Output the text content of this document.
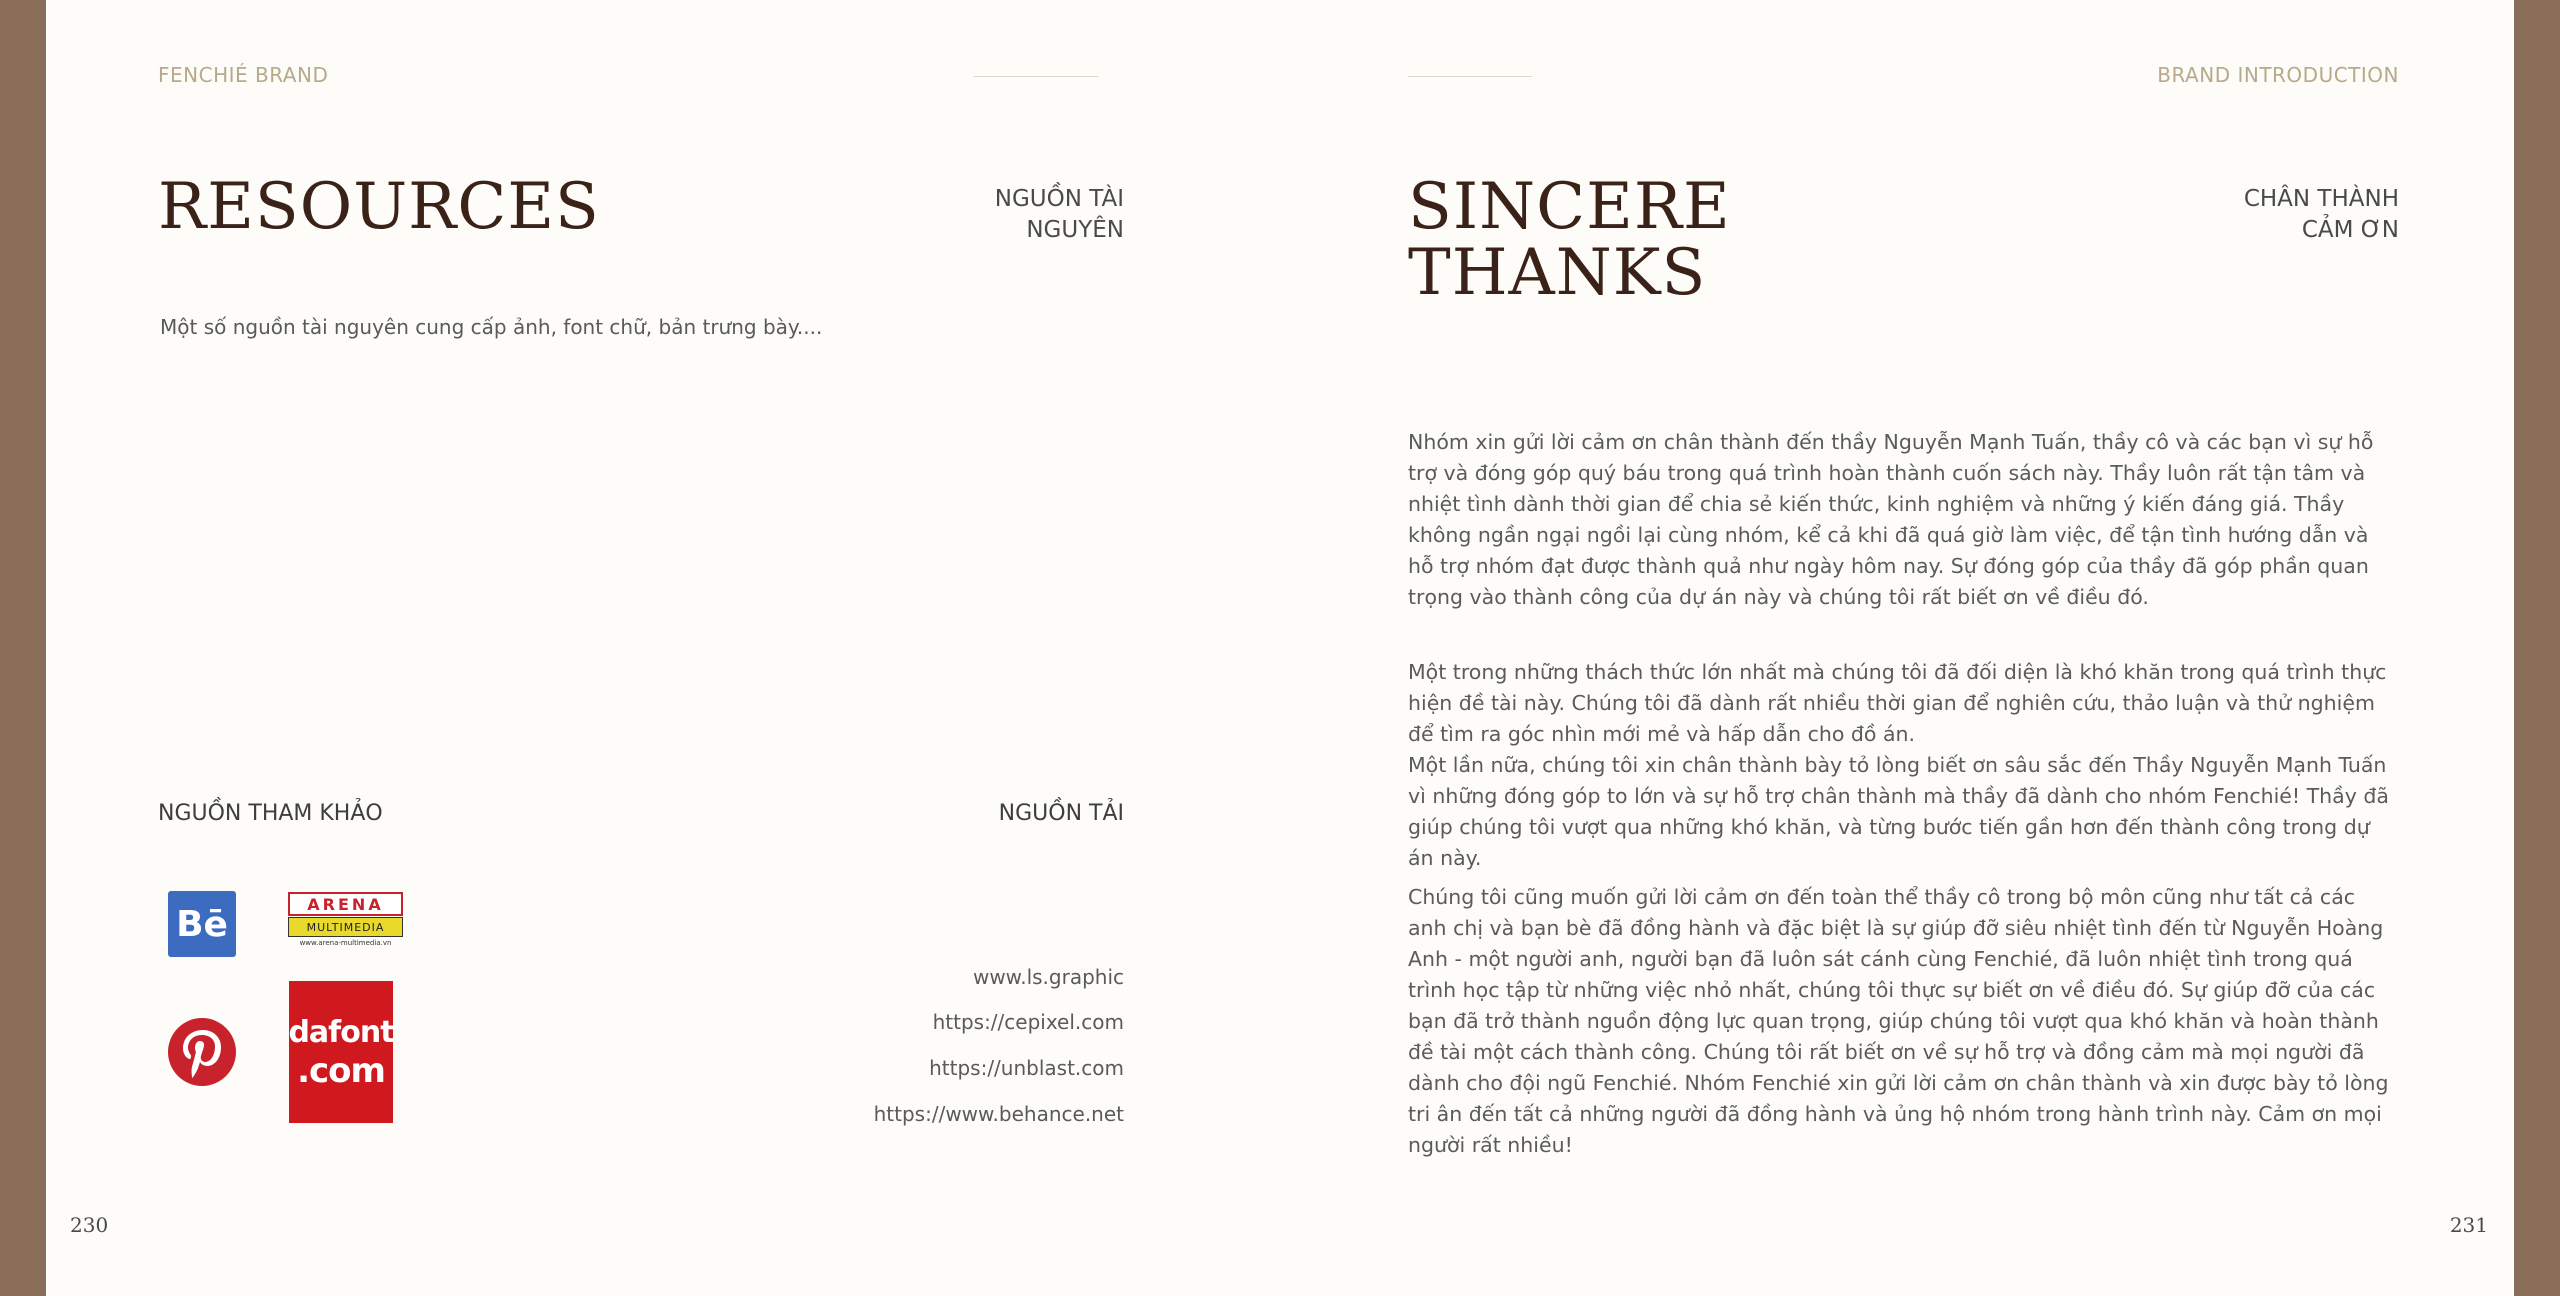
FENCHIÉ BRAND
RESOURCES	NGUỒN TÀI
NGUYÊN
Một số nguồn tài nguyên cung cấp ảnh, font chữ, bản trưng bày....
NGUỒN THAM KHẢO	NGUỒN TẢI
Bē	ARENA
MULTIMEDIA
www.arena-multimedia.vn
dafont
.com
www.ls.graphic
https://cepixel.com
https://unblast.com
https://www.behance.net
230
BRAND INTRODUCTION
SINCERE
THANKS
CHÂN THÀNH
CẢM ƠN

Nhóm xin gửi lời cảm ơn chân thành đến thầy Nguyễn Mạnh Tuấn, thầy cô và các bạn vì sự hỗ trợ và đóng góp quý báu trong quá trình hoàn thành cuốn sách này. Thầy luôn rất tận tâm và nhiệt tình dành thời gian để chia sẻ kiến thức, kinh nghiệm và những ý kiến đáng giá. Thầy không ngần ngại ngồi lại cùng nhóm, kể cả khi đã quá giờ làm việc, để tận tình hướng dẫn và hỗ trợ nhóm đạt được thành quả như ngày hôm nay. Sự đóng góp của thầy đã góp phần quan trọng vào thành công của dự án này và chúng tôi rất biết ơn về điều đó.

Một trong những thách thức lớn nhất mà chúng tôi đã đối diện là khó khăn trong quá trình thực hiện đề tài này. Chúng tôi đã dành rất nhiều thời gian để nghiên cứu, thảo luận và thử nghiệm để tìm ra góc nhìn mới mẻ và hấp dẫn cho đồ án.

Một lần nữa, chúng tôi xin chân thành bày tỏ lòng biết ơn sâu sắc đến Thầy Nguyễn Mạnh Tuấn vì những đóng góp to lớn và sự hỗ trợ chân thành mà thầy đã dành cho nhóm Fenchié! Thầy đã giúp chúng tôi vượt qua những khó khăn, và từng bước tiến gần hơn đến thành công trong dự án này.

Chúng tôi cũng muốn gửi lời cảm ơn đến toàn thể thầy cô trong bộ môn cũng như tất cả các anh chị và bạn bè đã đồng hành và đặc biệt là sự giúp đỡ siêu nhiệt tình đến từ Nguyễn Hoàng Anh - một người anh, người bạn đã luôn sát cánh cùng Fenchié, đã luôn nhiệt tình trong quá trình học tập từ những việc nhỏ nhất, chúng tôi thực sự biết ơn về điều đó. Sự giúp đỡ của các bạn đã trở thành nguồn động lực quan trọng, giúp chúng tôi vượt qua khó khăn và hoàn thành đề tài một cách thành công. Chúng tôi rất biết ơn về sự hỗ trợ và đồng cảm mà mọi người đã dành cho đội ngũ Fenchié. Nhóm Fenchié xin gửi lời cảm ơn chân thành và xin được bày tỏ lòng tri ân đến tất cả những người đã đồng hành và ủng hộ nhóm trong hành trình này. Cảm ơn mọi người rất nhiều!

231
